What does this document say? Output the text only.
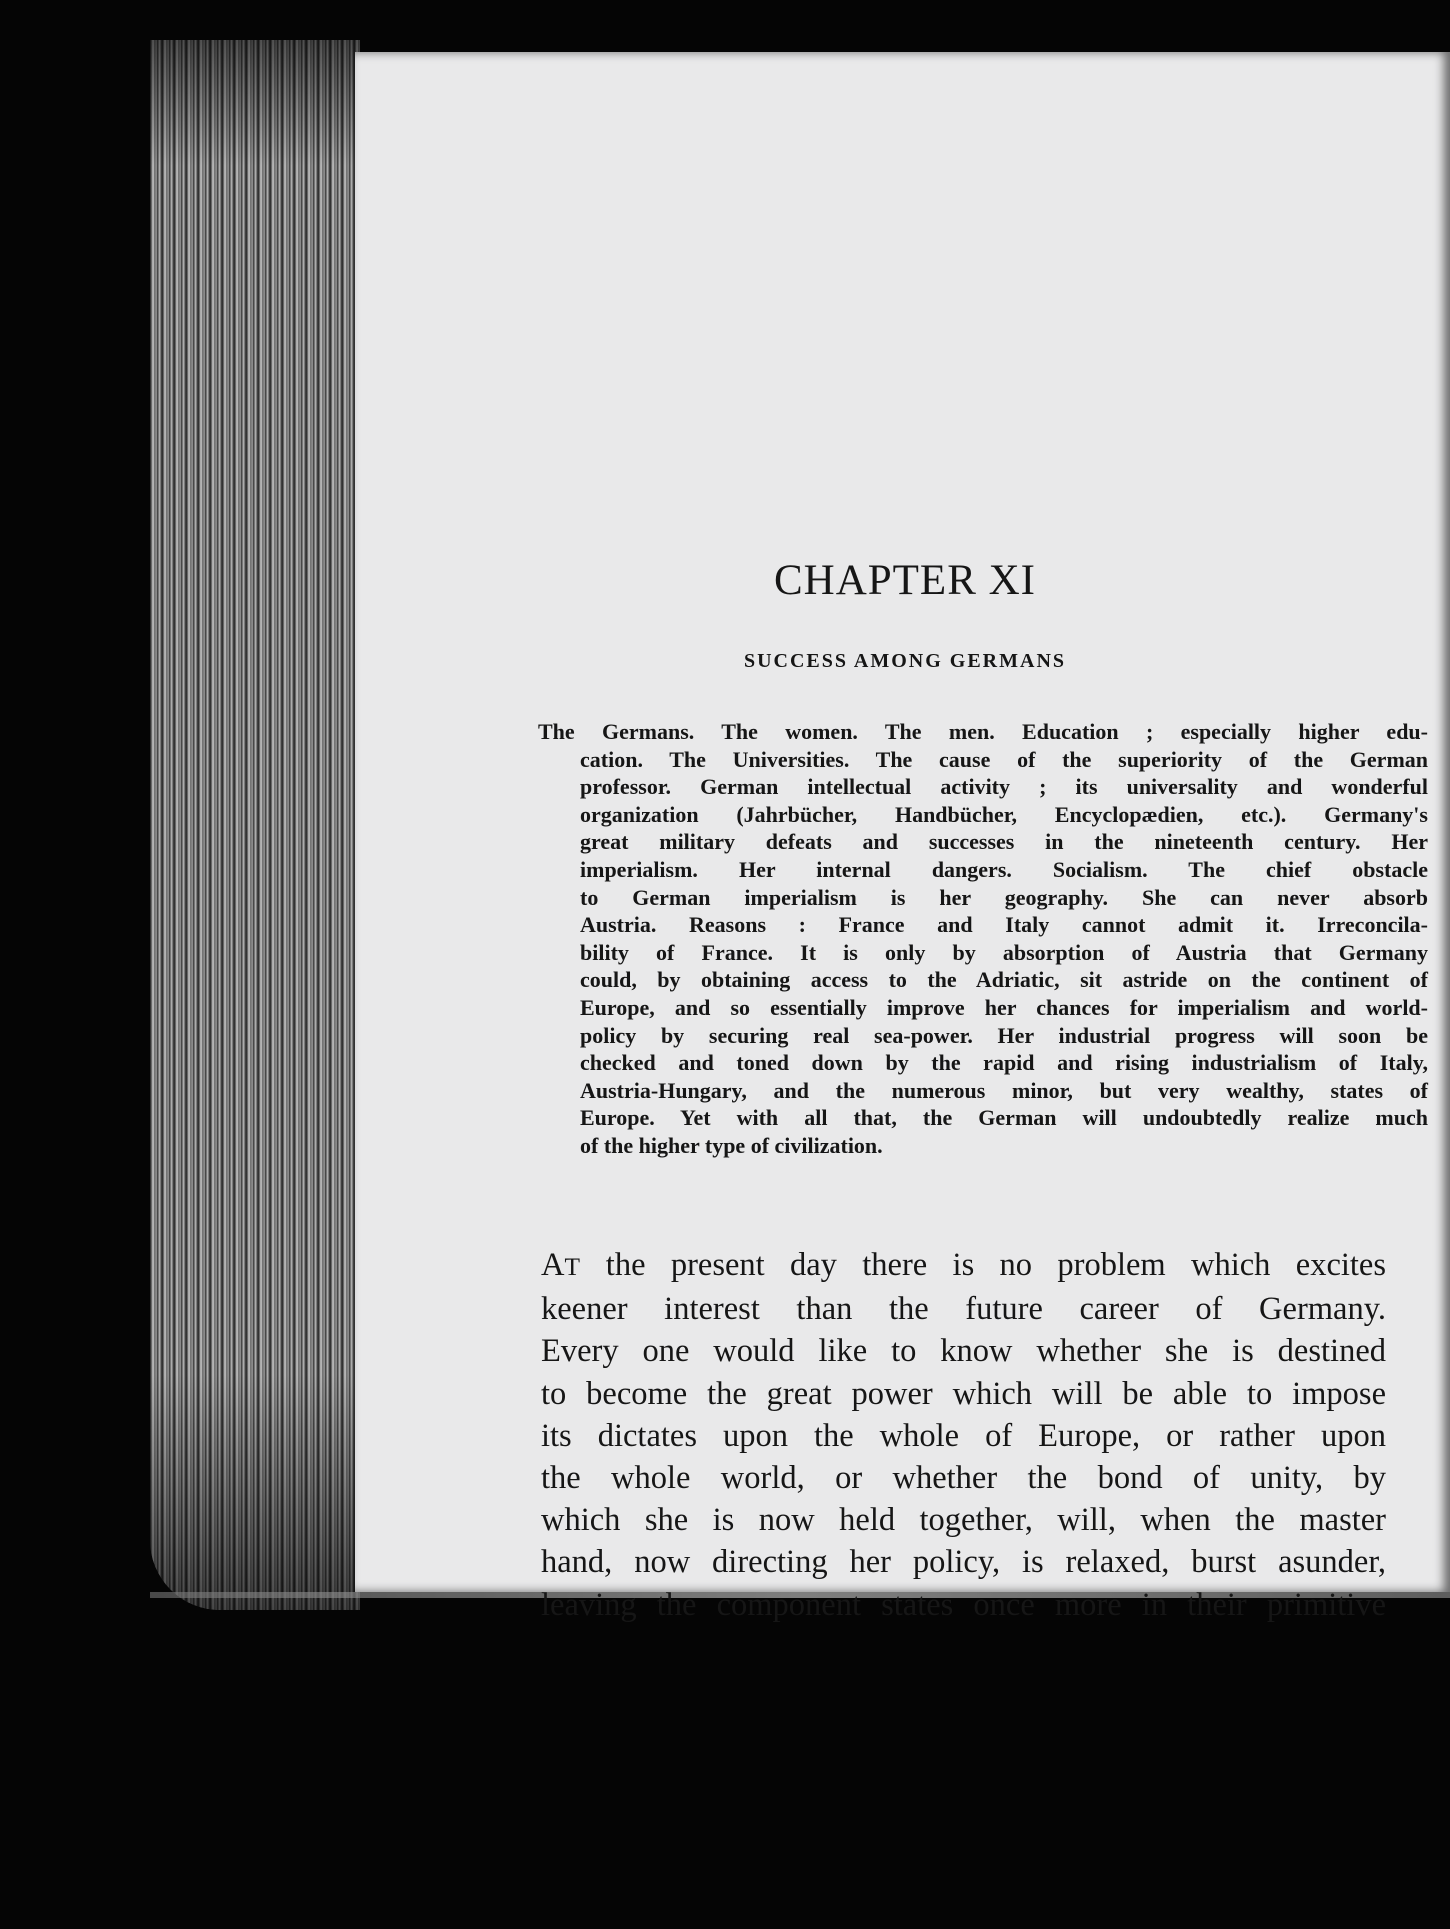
CHAPTER XI
SUCCESS AMONG GERMANS
The Germans. The women. The men. Education ; especially higher edu-
cation. The Universities. The cause of the superiority of the German
professor. German intellectual activity ; its universality and wonderful
organization (Jahrbücher, Handbücher, Encyclopædien, etc.). Germany's
great military defeats and successes in the nineteenth century. Her
imperialism. Her internal dangers. Socialism. The chief obstacle
to German imperialism is her geography. She can never absorb
Austria. Reasons : France and Italy cannot admit it. Irreconcila-
bility of France. It is only by absorption of Austria that Germany
could, by obtaining access to the Adriatic, sit astride on the continent of
Europe, and so essentially improve her chances for imperialism and world-
policy by securing real sea-power. Her industrial progress will soon be
checked and toned down by the rapid and rising industrialism of Italy,
Austria-Hungary, and the numerous minor, but very wealthy, states of
Europe. Yet with all that, the German will undoubtedly realize much
of the higher type of civilization.
AT the present day there is no problem which excites
keener interest than the future career of Germany.
Every one would like to know whether she is destined
to become the great power which will be able to impose
its dictates upon the whole of Europe, or rather upon
the whole world, or whether the bond of unity, by
which she is now held together, will, when the master
hand, now directing her policy, is relaxed, burst asunder,
leaving the component states once more in their primitive
